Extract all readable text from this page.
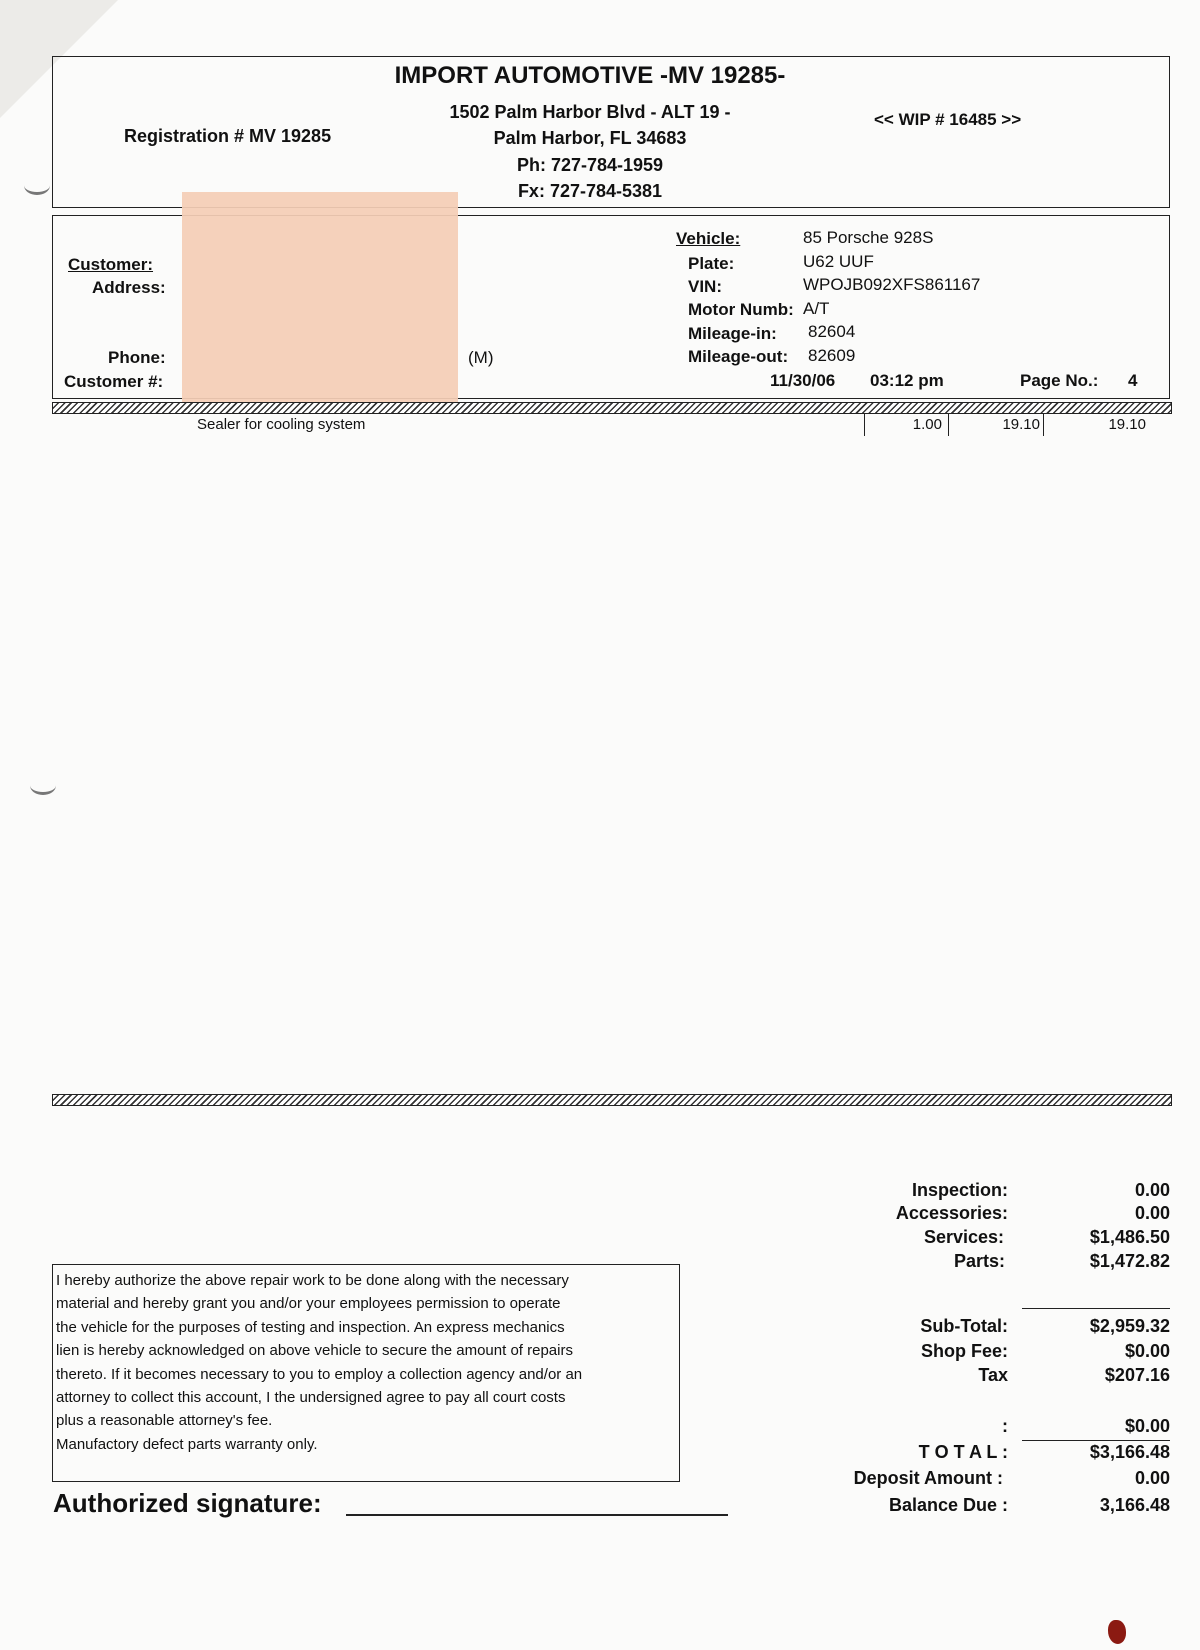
IMPORT AUTOMOTIVE -MV 19285-
1502 Palm Harbor Blvd - ALT 19 -
Palm Harbor, FL 34683
Ph: 727-784-1959
Fx: 727-784-5381
Registration # MV 19285
<< WIP # 16485 >>
Customer:
Address:
Phone:	(M)
Customer #:
Vehicle:	85 Porsche 928S
Plate:	U62 UUF
VIN:	WPOJB092XFS861167
Motor Numb: A/T
Mileage-in: 82604
Mileage-out: 82609
11/30/06 03:12 pm	Page No.: 4
Sealer for cooling system	1.00	19.10	19.10
I hereby authorize the above repair work to be done along with the necessary
material and hereby grant you and/or your employees permission to operate
the vehicle for the purposes of testing and inspection. An express mechanics
lien is hereby acknowledged on above vehicle to secure the amount of repairs
thereto. If it becomes necessary to you to employ a collection agency and/or an
attorney to collect this account, I the undersigned agree to pay all court costs
plus a reasonable attorney's fee.
Manufactory defect parts warranty only.
Authorized signature:
Inspection:	0.00
Accessories:	0.00
Services:	$1,486.50
Parts:	$1,472.82
Sub-Total:	$2,959.32
Shop Fee:	$0.00
Tax	$207.16
:	$0.00
T O T A L :	$3,166.48
Deposit Amount :	0.00
Balance Due :	3,166.48
